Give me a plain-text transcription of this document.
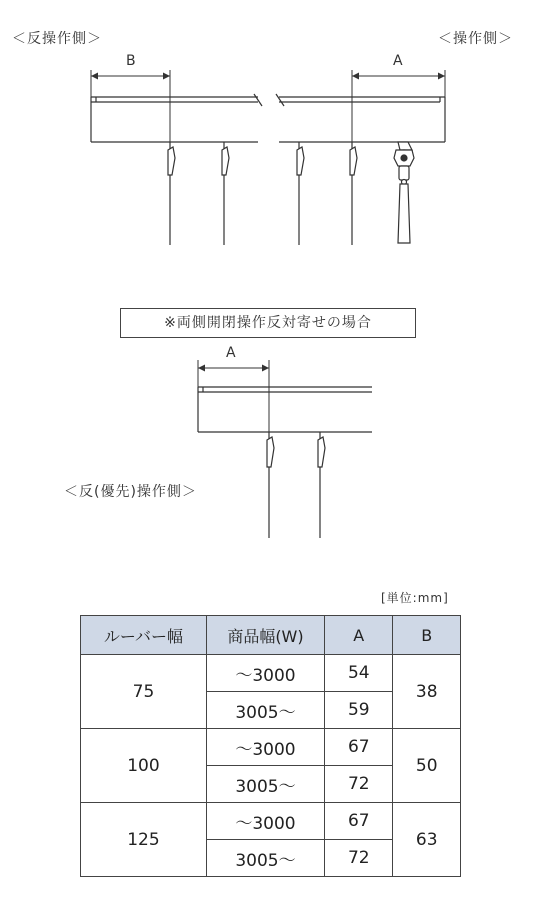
＜反操作側＞	＜操作側＞
B	A
※両側開閉操作反対寄せの場合
A
＜反(優先)操作側＞
[単位:mm]
ルーバー幅	商品幅(W)	A	B
75	～3000	54	38
	3005～	59	
100	～3000	67	50
	3005～	72	
125	～3000	67	63
	3005～	72	
